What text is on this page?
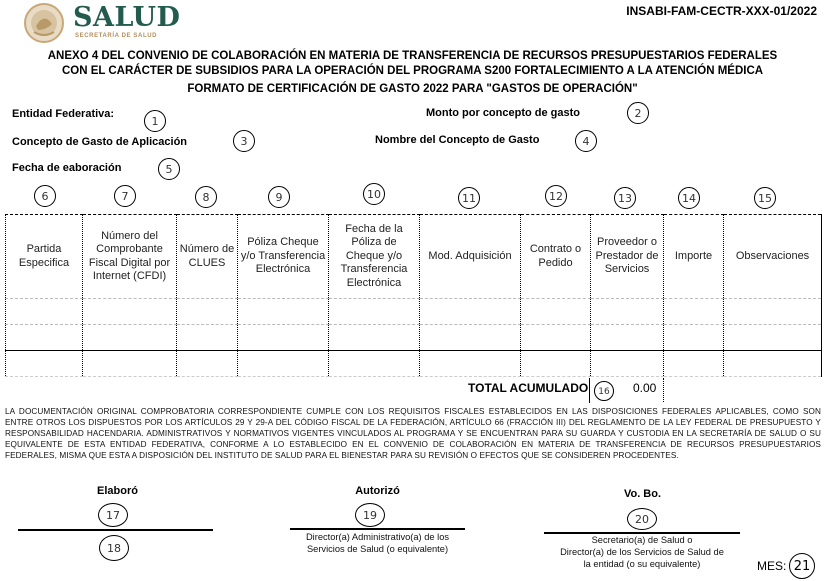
SALUD
SECRETARÍA DE SALUD
INSABI-FAM-CECTR-XXX-01/2022
ANEXO 4 DEL CONVENIO DE COLABORACIÓN EN MATERIA DE TRANSFERENCIA DE RECURSOS PRESUPUESTARIOS FEDERALES
CON EL CARÁCTER DE SUBSIDIOS PARA LA OPERACIÓN DEL PROGRAMA S200 FORTALECIMIENTO A LA ATENCIÓN MÉDICA
FORMATO DE CERTIFICACIÓN DE GASTO 2022 PARA "GASTOS DE OPERACIÓN"
Entidad Federativa:
1
Monto por concepto de gasto	2
Concepto de Gasto de Aplicación	3	Nombre del Concepto de Gasto	4
Fecha de eaboración	5
6	7	8	9	10	11	12	13	14	15
Partida Especifica	Número del Comprobante Fiscal Digital por Internet (CFDI)	Número de CLUES	Póliza Cheque y/o Transferencia Electrónica	Fecha de la Póliza de Cheque y/o Transferencia Electrónica	Mod. Adquisición	Contrato o Pedido	Proveedor o Prestador de Servicios	Importe	Observaciones

TOTAL ACUMULADO	16	0.00
LA DOCUMENTACIÓN ORIGINAL COMPROBATORIA CORRESPONDIENTE CUMPLE CON LOS REQUISITOS FISCALES ESTABLECIDOS EN LAS DISPOSICIONES FEDERALES APLICABLES, COMO SON ENTRE OTROS LOS DISPUESTOS POR LOS ARTÍCULOS 29 Y 29-A DEL CÓDIGO FISCAL DE LA FEDERACIÓN, ARTÍCULO 66 (FRACCIÓN III) DEL REGLAMENTO DE LA LEY FEDERAL DE PRESUPUESTO Y RESPONSABILIDAD HACENDARIA. ADMINISTRATIVOS Y NORMATIVOS VIGENTES VINCULADOS AL PROGRAMA Y SE ENCUENTRAN PARA SU GUARDA Y CUSTODIA EN LA SECRETARÍA DE SALUD O SU EQUIVALENTE DE ESTA ENTIDAD FEDERATIVA, CONFORME A LO ESTABLECIDO EN EL CONVENIO DE COLABORACIÓN EN MATERIA DE TRANSFERENCIA DE RECURSOS PRESUPUESTARIOS FEDERALES, MISMA QUE ESTA A DISPOSICIÓN DEL INSTITUTO DE SALUD PARA EL BIENESTAR PARA SU REVISIÓN O EFECTOS QUE SE CONSIDEREN PROCEDENTES.
Elaboró
17
18
Autorizó
19
Director(a) Administrativo(a) de los
Servicios de Salud (o equivalente)
Vo. Bo.
20
Secretario(a) de Salud o
Director(a) de los Servicios de Salud de
la entidad (o su equivalente)	MES: 21
